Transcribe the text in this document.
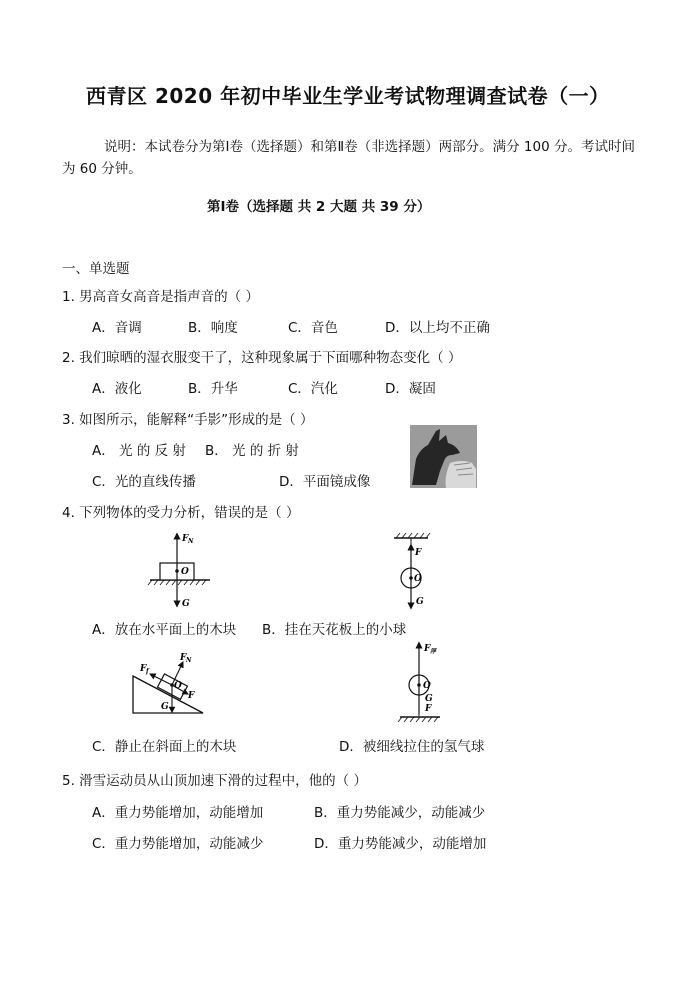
西青区 2020 年初中毕业生学业考试物理调查试卷（一）
说明：本试卷分为第Ⅰ卷（选择题）和第Ⅱ卷（非选择题）两部分。满分 100 分。考试时间
为 60 分钟。
第Ⅰ卷（选择题 共 2 大题 共 39 分）
一、单选题
1. 男高音女高音是指声音的（ ）
A．音调	B．响度	C．音色	D．以上均不正确
2. 我们晾晒的湿衣服变干了，这种现象属于下面哪种物态变化（ ）
A．液化	B．升华	C．汽化	D．凝固
3. 如图所示，能解释“手影”形成的是（ ）
A． 光 的 反 射 B． 光 的 折 射
C．光的直线传播	D．平面镜成像
4. 下列物体的受力分析，错误的是（ ）
F N
O
G
F
O
G
A．放在水平面上的木块 B．挂在天花板上的小球
F f
F N
O
F
G
F 浮
O
G
F
C．静止在斜面上的木块	D．被细线拉住的氢气球
5. 滑雪运动员从山顶加速下滑的过程中，他的（ ）
A．重力势能增加，动能增加	B．重力势能减少，动能减少
C．重力势能增加，动能减少	D．重力势能减少，动能增加
